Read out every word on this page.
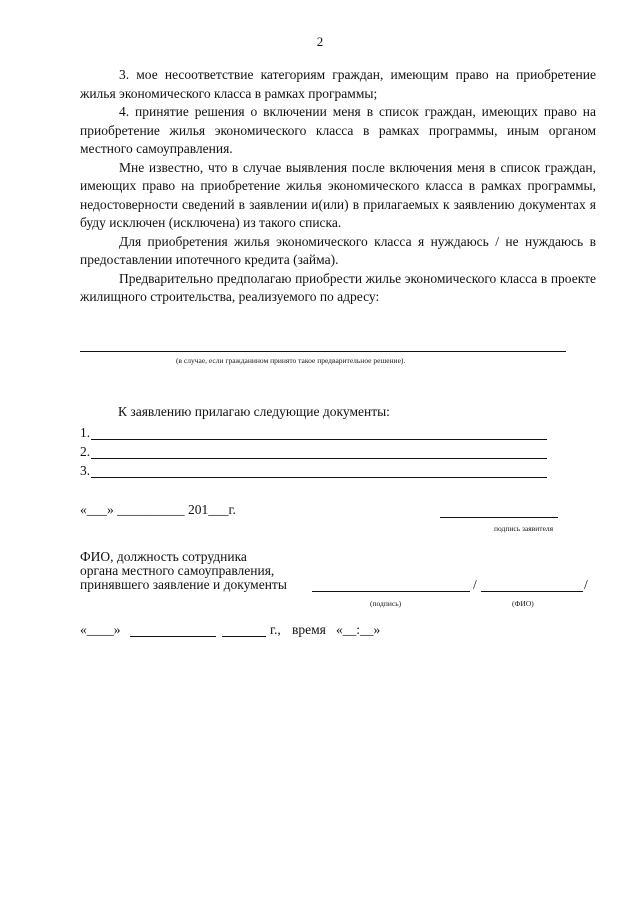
2

3. мое несоответствие категориям граждан, имеющим право на приобретение жилья экономического класса в рамках программы;

4. принятие решения о включении меня в список граждан, имеющих право на приобретение жилья экономического класса в рамках программы, иным органом местного самоуправления.

Мне известно, что в случае выявления после включения меня в список граждан, имеющих право на приобретение жилья экономического класса в рамках программы, недостоверности сведений в заявлении и(или) в прилагаемых к заявлению документах я буду исключен (исключена) из такого списка.

Для приобретения жилья экономического класса я нуждаюсь / не нуждаюсь в предоставлении ипотечного кредита (займа).

Предварительно предполагаю приобрести жилье экономического класса в проекте жилищного строительства, реализуемого по адресу:

(в случае, если гражданином принято такое предварительное решение).
К заявлению прилагаю следующие документы:
1.
2.
3.
«___» __________ 201___г.
подпись заявителя
ФИО, должность сотрудника
органа местного самоуправления,
принявшего заявление и документы	/	/
(подпись)	(ФИО)
«____»	г., время «__:__»
